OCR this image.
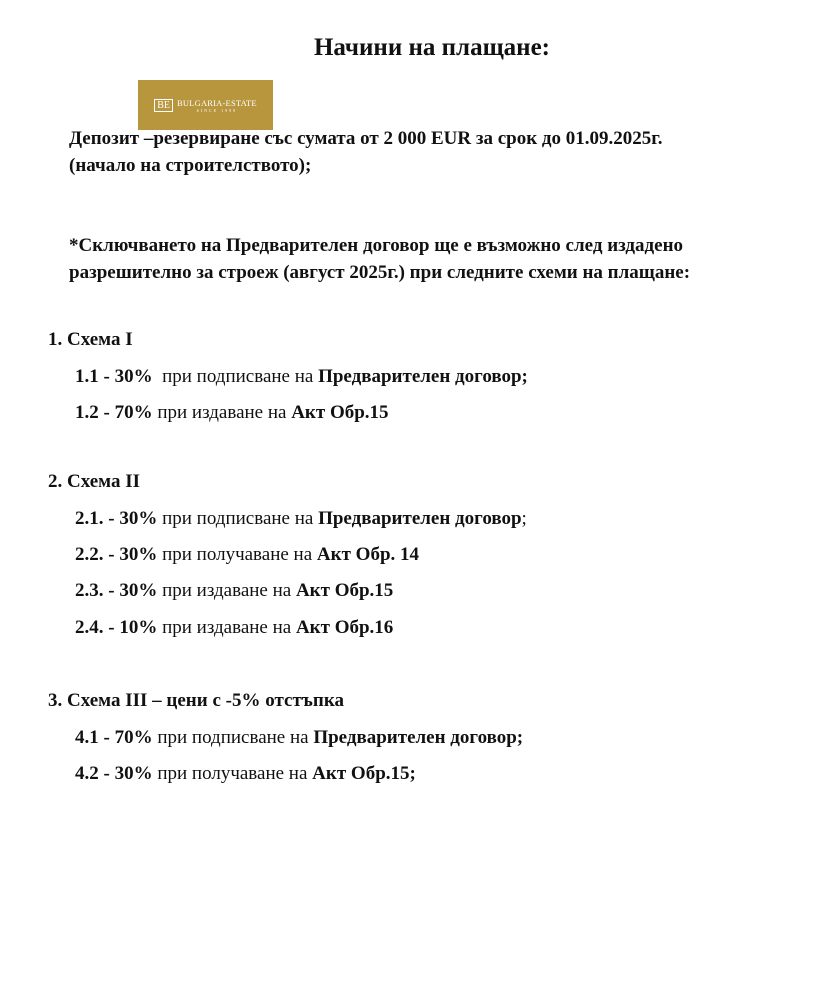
Начини на плащане:
BE BULGARIA-ESTATE
SINCE 1999
Депозит –резервиране със сумата от 2 000 EUR за срок до 01.09.2025г.
(начало на строителството);
*Сключването на Предварителен договор ще е възможно след издадено
разрешително за строеж (август 2025г.) при следните схеми на плащане:
1. Схема I
1.1 - 30%  при подписване на Предварителен договор;
1.2 - 70% при издаване на Акт Обр.15
2. Схема II
2.1. - 30% при подписване на Предварителен договор;
2.2. - 30% при получаване на Акт Обр. 14
2.3. - 30% при издаване на Акт Обр.15
2.4. - 10% при издаване на Акт Обр.16
3. Схема III – цени с -5% отстъпка
4.1 - 70% при подписване на Предварителен договор;
4.2 - 30% при получаване на Акт Обр.15;
